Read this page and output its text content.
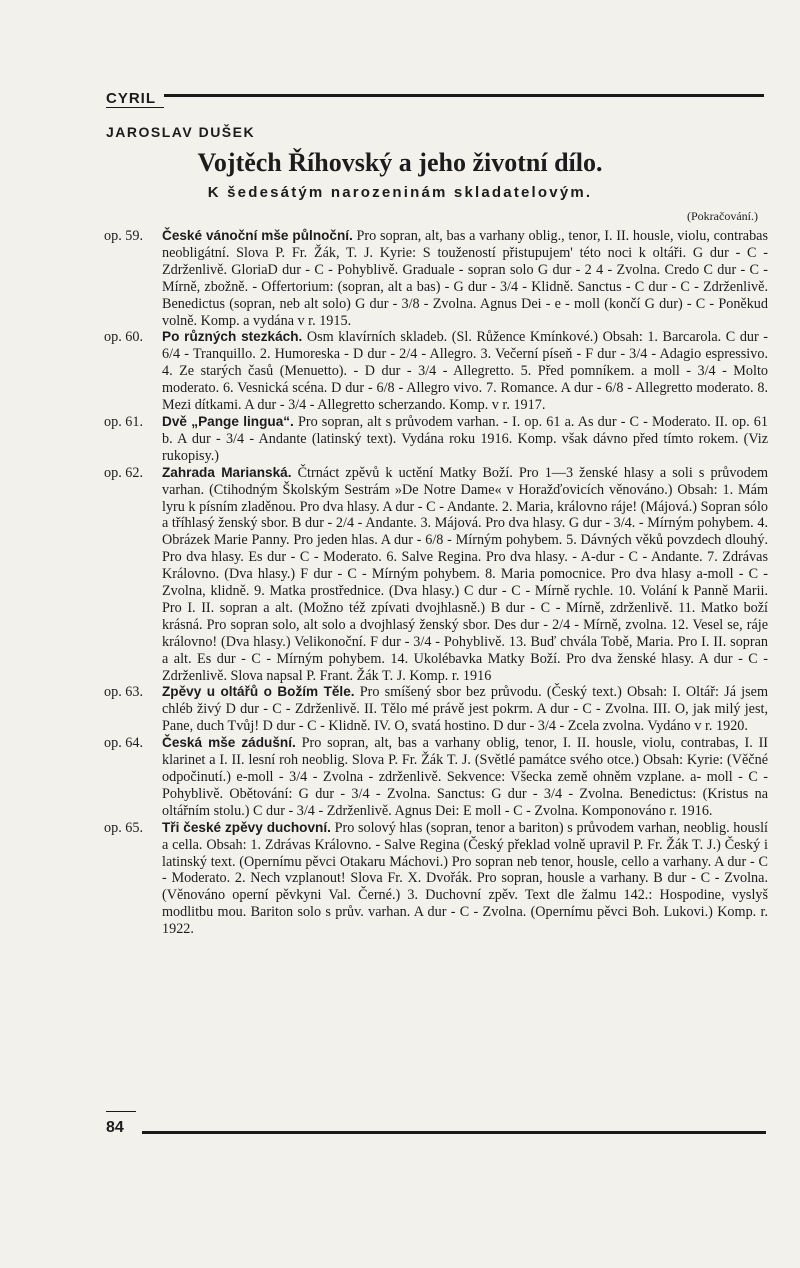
CYRIL
JAROSLAV DUŠEK
Vojtěch Říhovský a jeho životní dílo.
K šedesátým narozeninám skladatelovým.
(Pokračování.)
op. 59.	České vánoční mše půlnoční. Pro sopran, alt, bas a varhany oblig., tenor, I. II. housle, violu, contrabas neobligátní. Slova P. Fr. Žák, T. J. Kyrie: S toužeností přistupujem' této noci k oltáři. G dur - C - Zdrženlivě. GloriaD dur - C - Pohyblivě. Graduale - sopran solo G dur - 2 4 - Zvolna. Credo C dur - C - Mírně, zbožně. - Offertorium: (sopran, alt a bas) - G dur - 3/4 - Klidně. Sanctus - C dur - C - Zdrženlivě. Benedictus (sopran, neb alt solo) G dur - 3/8 - Zvolna. Agnus Dei - e - moll (končí G dur) - C - Poněkud volně. Komp. a vydána v r. 1915.
op. 60.	Po různých stezkách. Osm klavírních skladeb. (Sl. Růžence Kmínkové.) Obsah: 1. Barcarola. C dur - 6/4 - Tranquillo. 2. Humoreska - D dur - 2/4 - Allegro. 3. Večerní píseň - F dur - 3/4 - Adagio espressivo. 4. Ze starých časů (Menuetto). - D dur - 3/4 - Allegretto. 5. Před pomníkem. a moll - 3/4 - Molto moderato. 6. Vesnická scéna. D dur - 6/8 - Allegro vivo. 7. Romance. A dur - 6/8 - Allegretto moderato. 8. Mezi dítkami. A dur - 3/4 - Allegretto scherzando. Komp. v r. 1917.
op. 61.	Dvě „Pange lingua“. Pro sopran, alt s průvodem varhan. - I. op. 61 a. As dur - C - Moderato. II. op. 61 b. A dur - 3/4 - Andante (latinský text). Vydána roku 1916. Komp. však dávno před tímto rokem. (Viz rukopisy.)
op. 62.	Zahrada Marianská. Čtrnáct zpěvů k uctění Matky Boží. Pro 1—3 ženské hlasy a soli s průvodem varhan. (Ctihodným Školským Sestrám »De Notre Dame« v Horažďovicích věnováno.) Obsah: 1. Mám lyru k písním zladěnou. Pro dva hlasy. A dur - C - Andante. 2. Maria, královno ráje! (Májová.) Sopran sólo a tříhlasý ženský sbor. B dur - 2/4 - Andante. 3. Májová. Pro dva hlasy. G dur - 3/4. - Mírným pohybem. 4. Obrázek Marie Panny. Pro jeden hlas. A dur - 6/8 - Mírným pohybem. 5. Dávných věků povzdech dlouhý. Pro dva hlasy. Es dur - C - Moderato. 6. Salve Regina. Pro dva hlasy. - A-dur - C - Andante. 7. Zdrávas Královno. (Dva hlasy.) F dur - C - Mírným pohybem. 8. Maria pomocnice. Pro dva hlasy a-moll - C - Zvolna, klidně. 9. Matka prostřednice. (Dva hlasy.) C dur - C - Mírně rychle. 10. Volání k Panně Marii. Pro I. II. sopran a alt. (Možno též zpívati dvojhlasně.) B dur - C - Mírně, zdrženlivě. 11. Matko boží krásná. Pro sopran solo, alt solo a dvojhlasý ženský sbor. Des dur - 2/4 - Mírně, zvolna. 12. Vesel se, ráje královno! (Dva hlasy.) Velikonoční. F dur - 3/4 - Pohyblivě. 13. Buď chvála Tobě, Maria. Pro I. II. sopran a alt. Es dur - C - Mírným pohybem. 14. Ukolébavka Matky Boží. Pro dva ženské hlasy. A dur - C - Zdrženlivě. Slova napsal P. Frant. Žák T. J. Komp. r. 1916
op. 63.	Zpěvy u oltářů o Božím Těle. Pro smíšený sbor bez průvodu. (Český text.) Obsah: I. Oltář: Já jsem chléb živý D dur - C - Zdrženlivě. II. Tělo mé právě jest pokrm. A dur - C - Zvolna. III. O, jak milý jest, Pane, duch Tvůj! D dur - C - Klidně. IV. O, svatá hostino. D dur - 3/4 - Zcela zvolna. Vydáno v r. 1920.
op. 64.	Česká mše zádušní. Pro sopran, alt, bas a varhany oblig, tenor, I. II. housle, violu, contrabas, I. II klarinet a I. II. lesní roh neoblig. Slova P. Fr. Žák T. J. (Světlé památce svého otce.) Obsah: Kyrie: (Věčné odpočinutí.) e-moll - 3/4 - Zvolna - zdrženlivě. Sekvence: Všecka země ohněm vzplane. a- moll - C - Pohyblivě. Obětování: G dur - 3/4 - Zvolna. Sanctus: G dur - 3/4 - Zvolna. Benedictus: (Kristus na oltářním stolu.) C dur - 3/4 - Zdrženlivě. Agnus Dei: E moll - C - Zvolna. Komponováno r. 1916.
op. 65.	Tři české zpěvy duchovní. Pro solový hlas (sopran, tenor a bariton) s průvodem varhan, neoblig. houslí a cella. Obsah: 1. Zdrávas Královno. - Salve Regina (Český překlad volně upravil P. Fr. Žák T. J.) Český i latinský text. (Opernímu pěvci Otakaru Máchovi.) Pro sopran neb tenor, housle, cello a varhany. A dur - C - Moderato. 2. Nech vzplanout! Slova Fr. X. Dvořák. Pro sopran, housle a varhany. B dur - C - Zvolna. (Věnováno operní pěvkyni Val. Černé.) 3. Duchovní zpěv. Text dle žalmu 142.: Hospodine, vyslyš modlitbu mou. Bariton solo s prův. varhan. A dur - C - Zvolna. (Opernímu pěvci Boh. Lukovi.) Komp. r. 1922.
84
